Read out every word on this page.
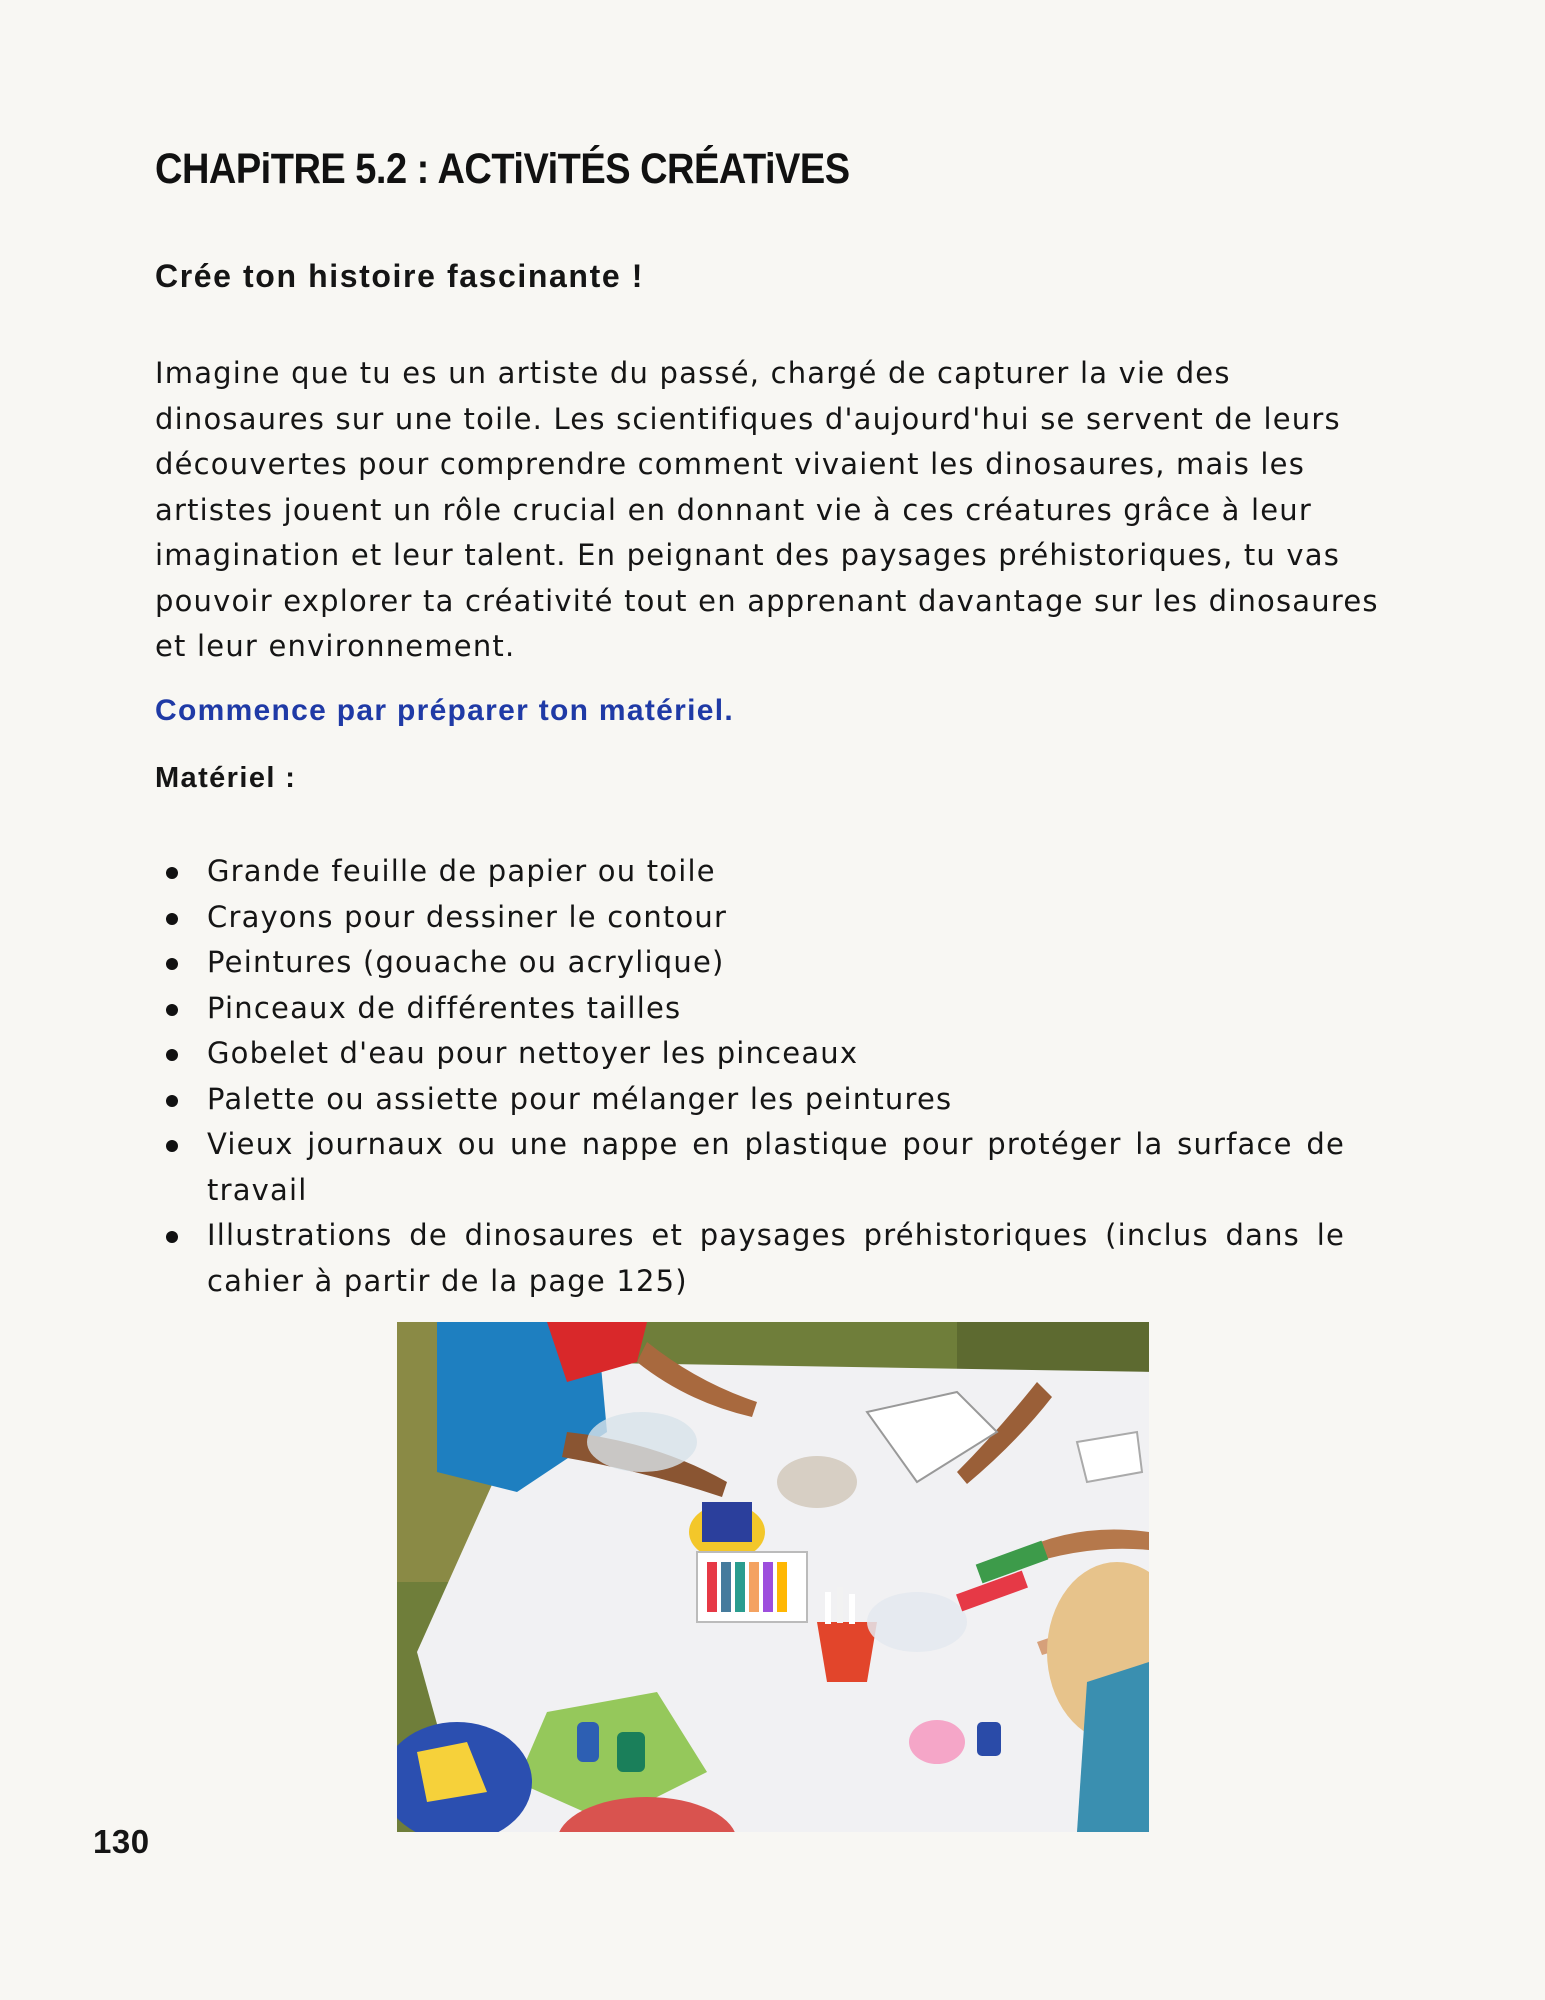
CHAPiTRE 5.2 : ACTiViTÉS CRÉATiVES
Crée ton histoire fascinante !

Imagine que tu es un artiste du passé, chargé de capturer la vie des dinosaures sur une toile. Les scientifiques d'aujourd'hui se servent de leurs découvertes pour comprendre comment vivaient les dinosaures, mais les artistes jouent un rôle crucial en donnant vie à ces créatures grâce à leur imagination et leur talent. En peignant des paysages préhistoriques, tu vas pouvoir explorer ta créativité tout en apprenant davantage sur les dinosaures et leur environnement.

Commence par préparer ton matériel.

Matériel :

Grande feuille de papier ou toile
Crayons pour dessiner le contour
Peintures (gouache ou acrylique)
Pinceaux de différentes tailles
Gobelet d'eau pour nettoyer les pinceaux
Palette ou assiette pour mélanger les peintures
Vieux journaux ou une nappe en plastique pour protéger la surface de travail
Illustrations de dinosaures et paysages préhistoriques (inclus dans le cahier à partir de la page 125)

130
